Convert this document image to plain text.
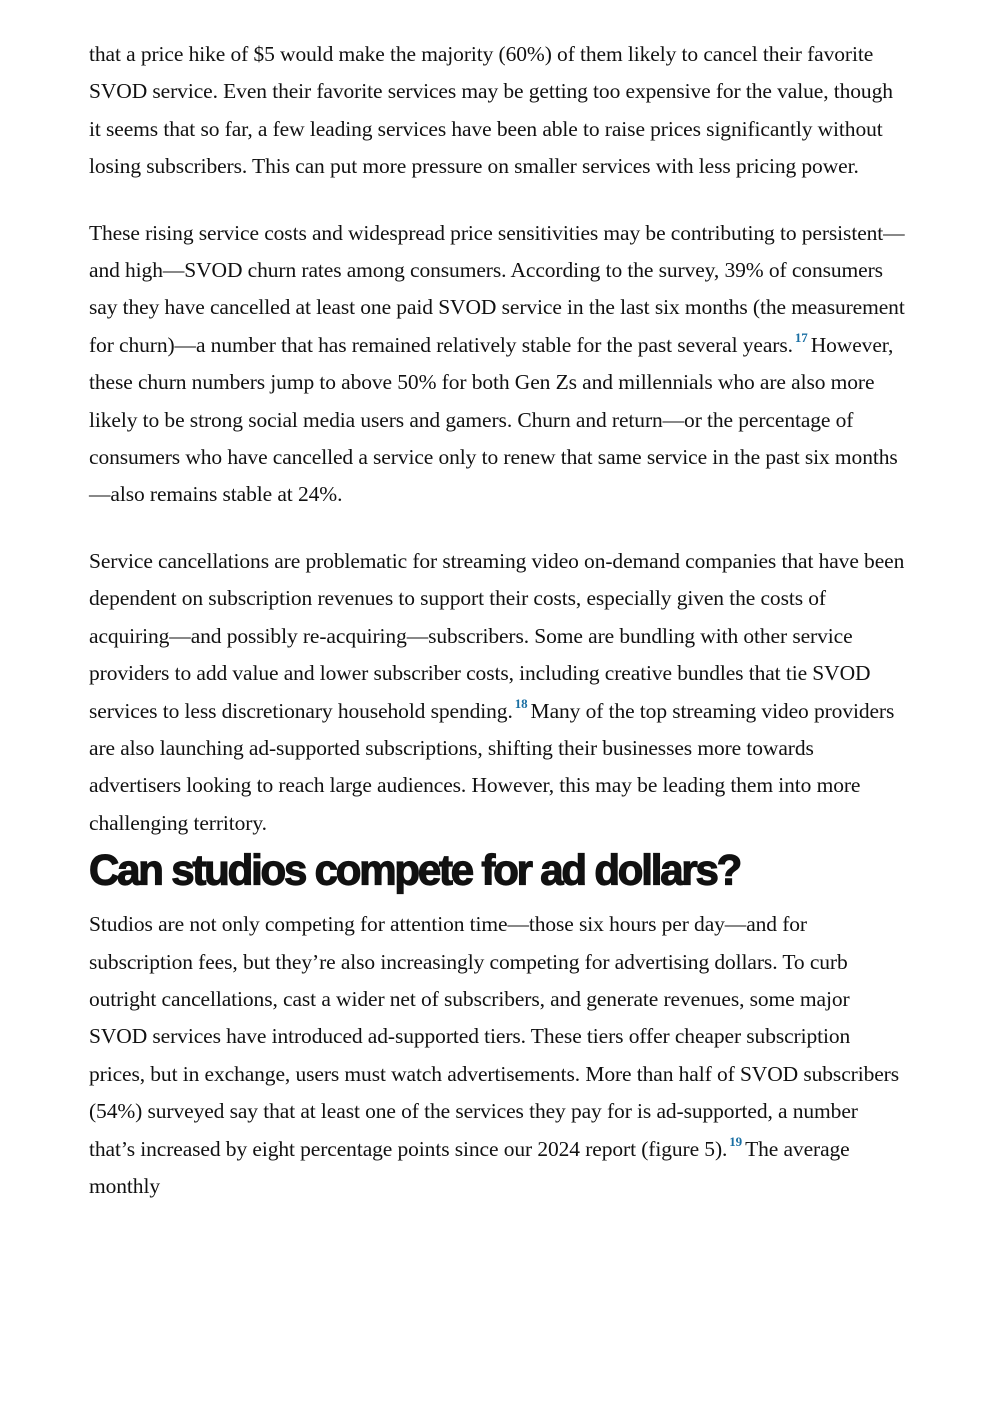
that a price hike of $5 would make the majority (60%) of them likely to cancel their favorite SVOD service. Even their favorite services may be getting too expensive for the value, though it seems that so far, a few leading services have been able to raise prices significantly without losing subscribers. This can put more pressure on smaller services with less pricing power.

These rising service costs and widespread price sensitivities may be contributing to persistent—and high—SVOD churn rates among consumers. According to the survey, 39% of consumers say they have cancelled at least one paid SVOD service in the last six months (the measurement for churn)—a number that has remained relatively stable for the past several years. $^{17}$ However, these churn numbers jump to above 50% for both Gen Zs and millennials who are also more likely to be strong social media users and gamers. Churn and return—or the percentage of consumers who have cancelled a service only to renew that same service in the past six months —also remains stable at 24%.

Service cancellations are problematic for streaming video on-demand companies that have been dependent on subscription revenues to support their costs, especially given the costs of acquiring—and possibly re-acquiring—subscribers. Some are bundling with other service providers to add value and lower subscriber costs, including creative bundles that tie SVOD services to less discretionary household spending. $^{18}$ Many of the top streaming video providers are also launching ad-supported subscriptions, shifting their businesses more towards advertisers looking to reach large audiences. However, this may be leading them into more challenging territory.

Can studios compete for ad dollars?

Studios are not only competing for attention time—those six hours per day—and for subscription fees, but they’re also increasingly competing for advertising dollars. To curb outright cancellations, cast a wider net of subscribers, and generate revenues, some major SVOD services have introduced ad-supported tiers. These tiers offer cheaper subscription prices, but in exchange, users must watch advertisements. More than half of SVOD subscribers (54%) surveyed say that at least one of the services they pay for is ad-supported, a number that’s increased by eight percentage points since our 2024 report (figure 5). $^{19}$ The average monthly
